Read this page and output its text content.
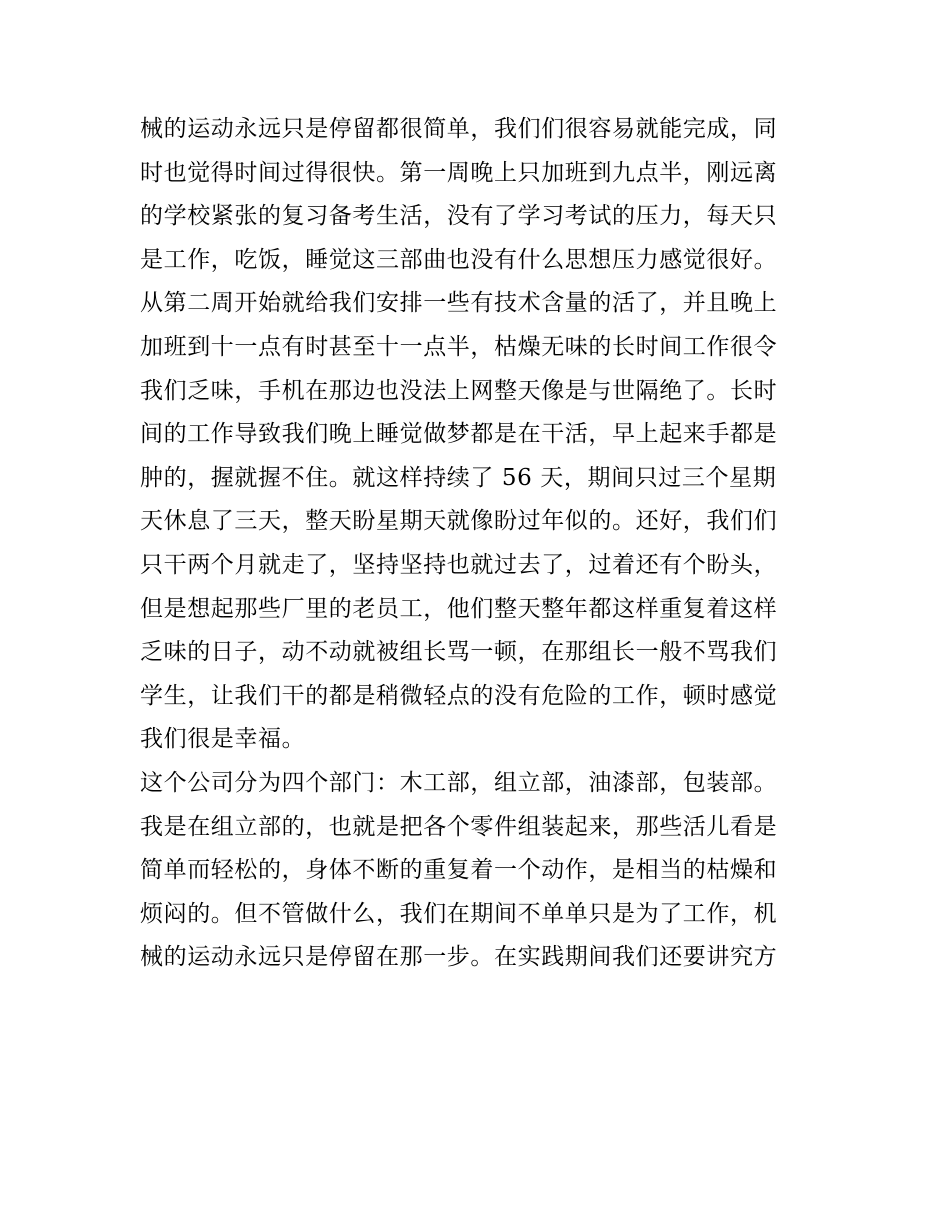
械的运动永远只是停留都很简单，我们们很容易就能完成，同
时也觉得时间过得很快。第一周晚上只加班到九点半，刚远离
的学校紧张的复习备考生活，没有了学习考试的压力，每天只
是工作，吃饭，睡觉这三部曲也没有什么思想压力感觉很好。
从第二周开始就给我们安排一些有技术含量的活了，并且晚上
加班到十一点有时甚至十一点半，枯燥无味的长时间工作很令
我们乏味，手机在那边也没法上网整天像是与世隔绝了。长时
间的工作导致我们晚上睡觉做梦都是在干活，早上起来手都是
肿的，握就握不住。就这样持续了 56 天，期间只过三个星期
天休息了三天，整天盼星期天就像盼过年似的。还好，我们们
只干两个月就走了，坚持坚持也就过去了，过着还有个盼头，
但是想起那些厂里的老员工，他们整天整年都这样重复着这样
乏味的日子，动不动就被组长骂一顿，在那组长一般不骂我们
学生，让我们干的都是稍微轻点的没有危险的工作，顿时感觉
我们很是幸福。
这个公司分为四个部门：木工部，组立部，油漆部，包装部。
我是在组立部的，也就是把各个零件组装起来，那些活儿看是
简单而轻松的，身体不断的重复着一个动作，是相当的枯燥和
烦闷的。但不管做什么，我们在期间不单单只是为了工作，机
械的运动永远只是停留在那一步。在实践期间我们还要讲究方
